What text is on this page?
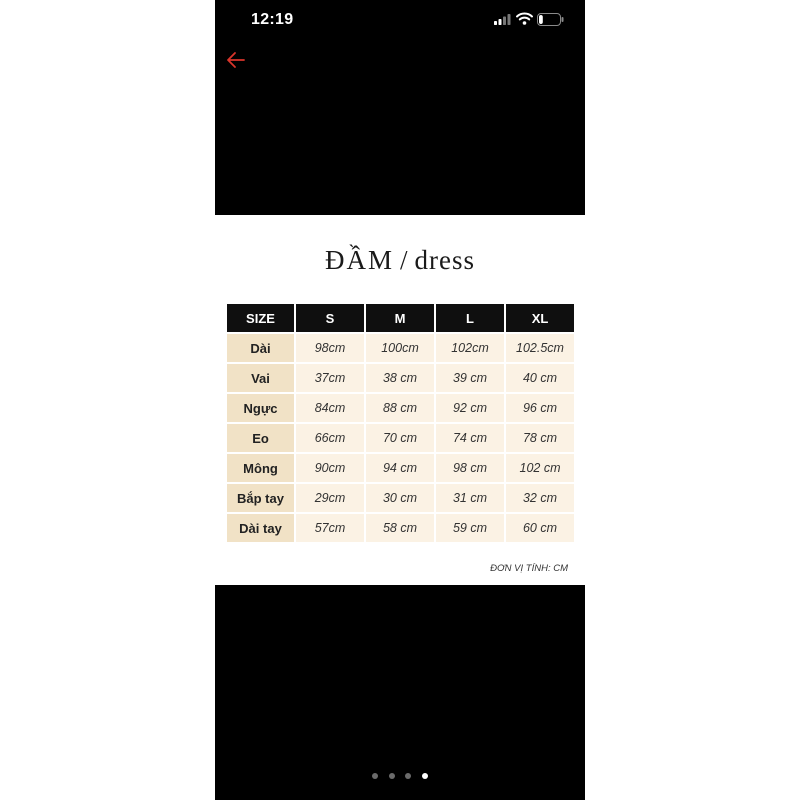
12:19
ĐẦM / dress
SIZE	S	M	L	XL
Dài	98cm	100cm	102cm	102.5cm
Vai	37cm	38 cm	39 cm	40 cm
Ngực	84cm	88 cm	92 cm	96 cm
Eo	66cm	70 cm	74 cm	78 cm
Mông	90cm	94 cm	98 cm	102 cm
Bắp tay	29cm	30 cm	31 cm	32 cm
Dài tay	57cm	58 cm	59 cm	60 cm
ĐƠN VỊ TÍNH: CM
